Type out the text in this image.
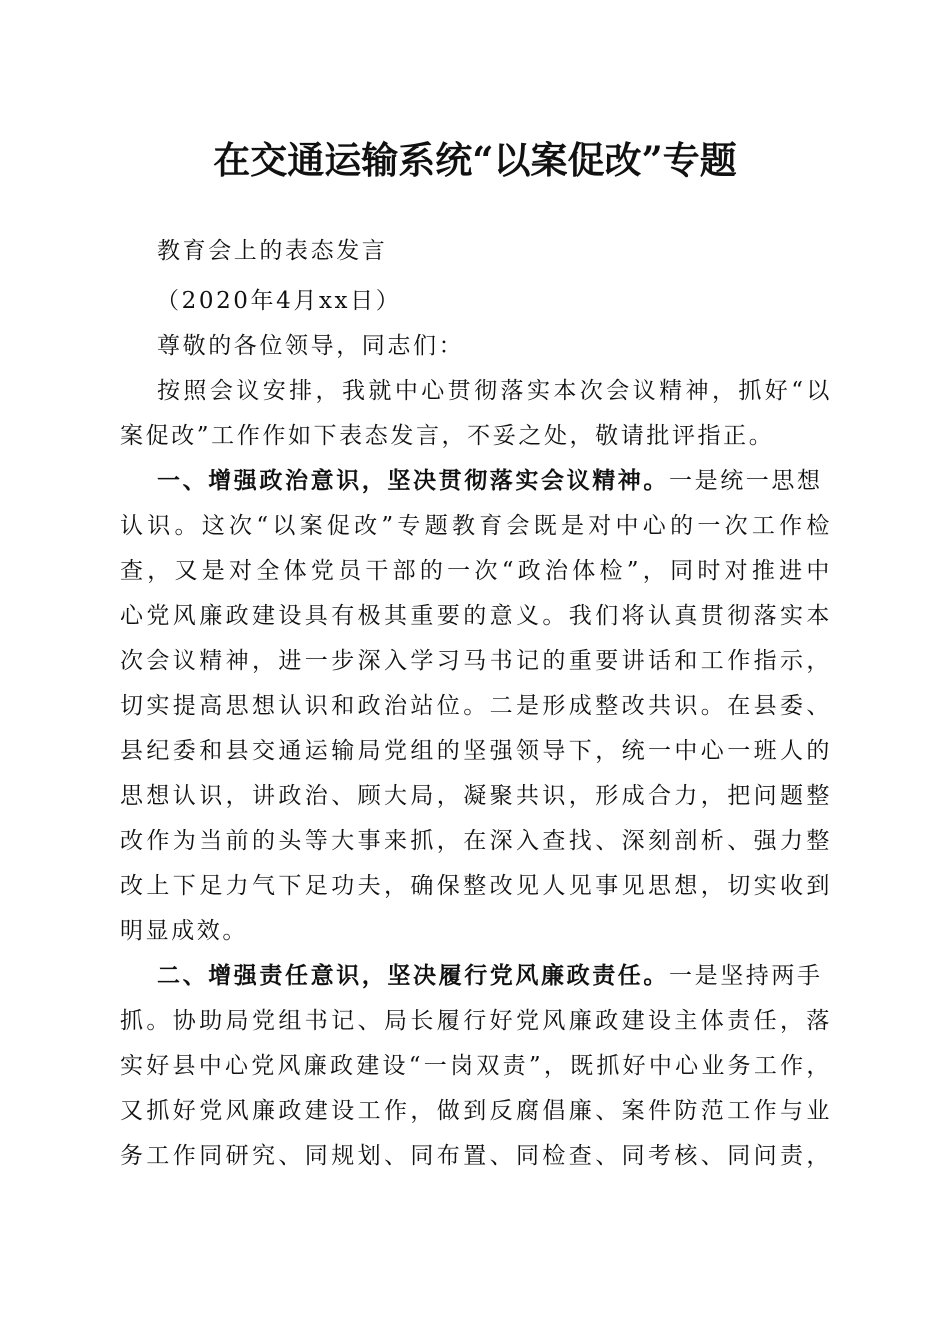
在交通运输系统“以案促改”专题
教育会上的表态发言
（2020年4月xx日）
尊敬的各位领导，同志们：
按照会议安排，我就中心贯彻落实本次会议精神，抓好“以
案促改”工作作如下表态发言，不妥之处，敬请批评指正。
一、增强政治意识，坚决贯彻落实会议精神。一是统一思想
认识。这次“以案促改”专题教育会既是对中心的一次工作检
查，又是对全体党员干部的一次“政治体检”，同时对推进中
心党风廉政建设具有极其重要的意义。我们将认真贯彻落实本
次会议精神，进一步深入学习马书记的重要讲话和工作指示，
切实提高思想认识和政治站位。二是形成整改共识。在县委、
县纪委和县交通运输局党组的坚强领导下，统一中心一班人的
思想认识，讲政治、顾大局，凝聚共识，形成合力，把问题整
改作为当前的头等大事来抓，在深入查找、深刻剖析、强力整
改上下足力气下足功夫，确保整改见人见事见思想，切实收到
明显成效。
二、增强责任意识，坚决履行党风廉政责任。一是坚持两手
抓。协助局党组书记、局长履行好党风廉政建设主体责任，落
实好县中心党风廉政建设“一岗双责”，既抓好中心业务工作，
又抓好党风廉政建设工作，做到反腐倡廉、案件防范工作与业
务工作同研究、同规划、同布置、同检查、同考核、同问责，
